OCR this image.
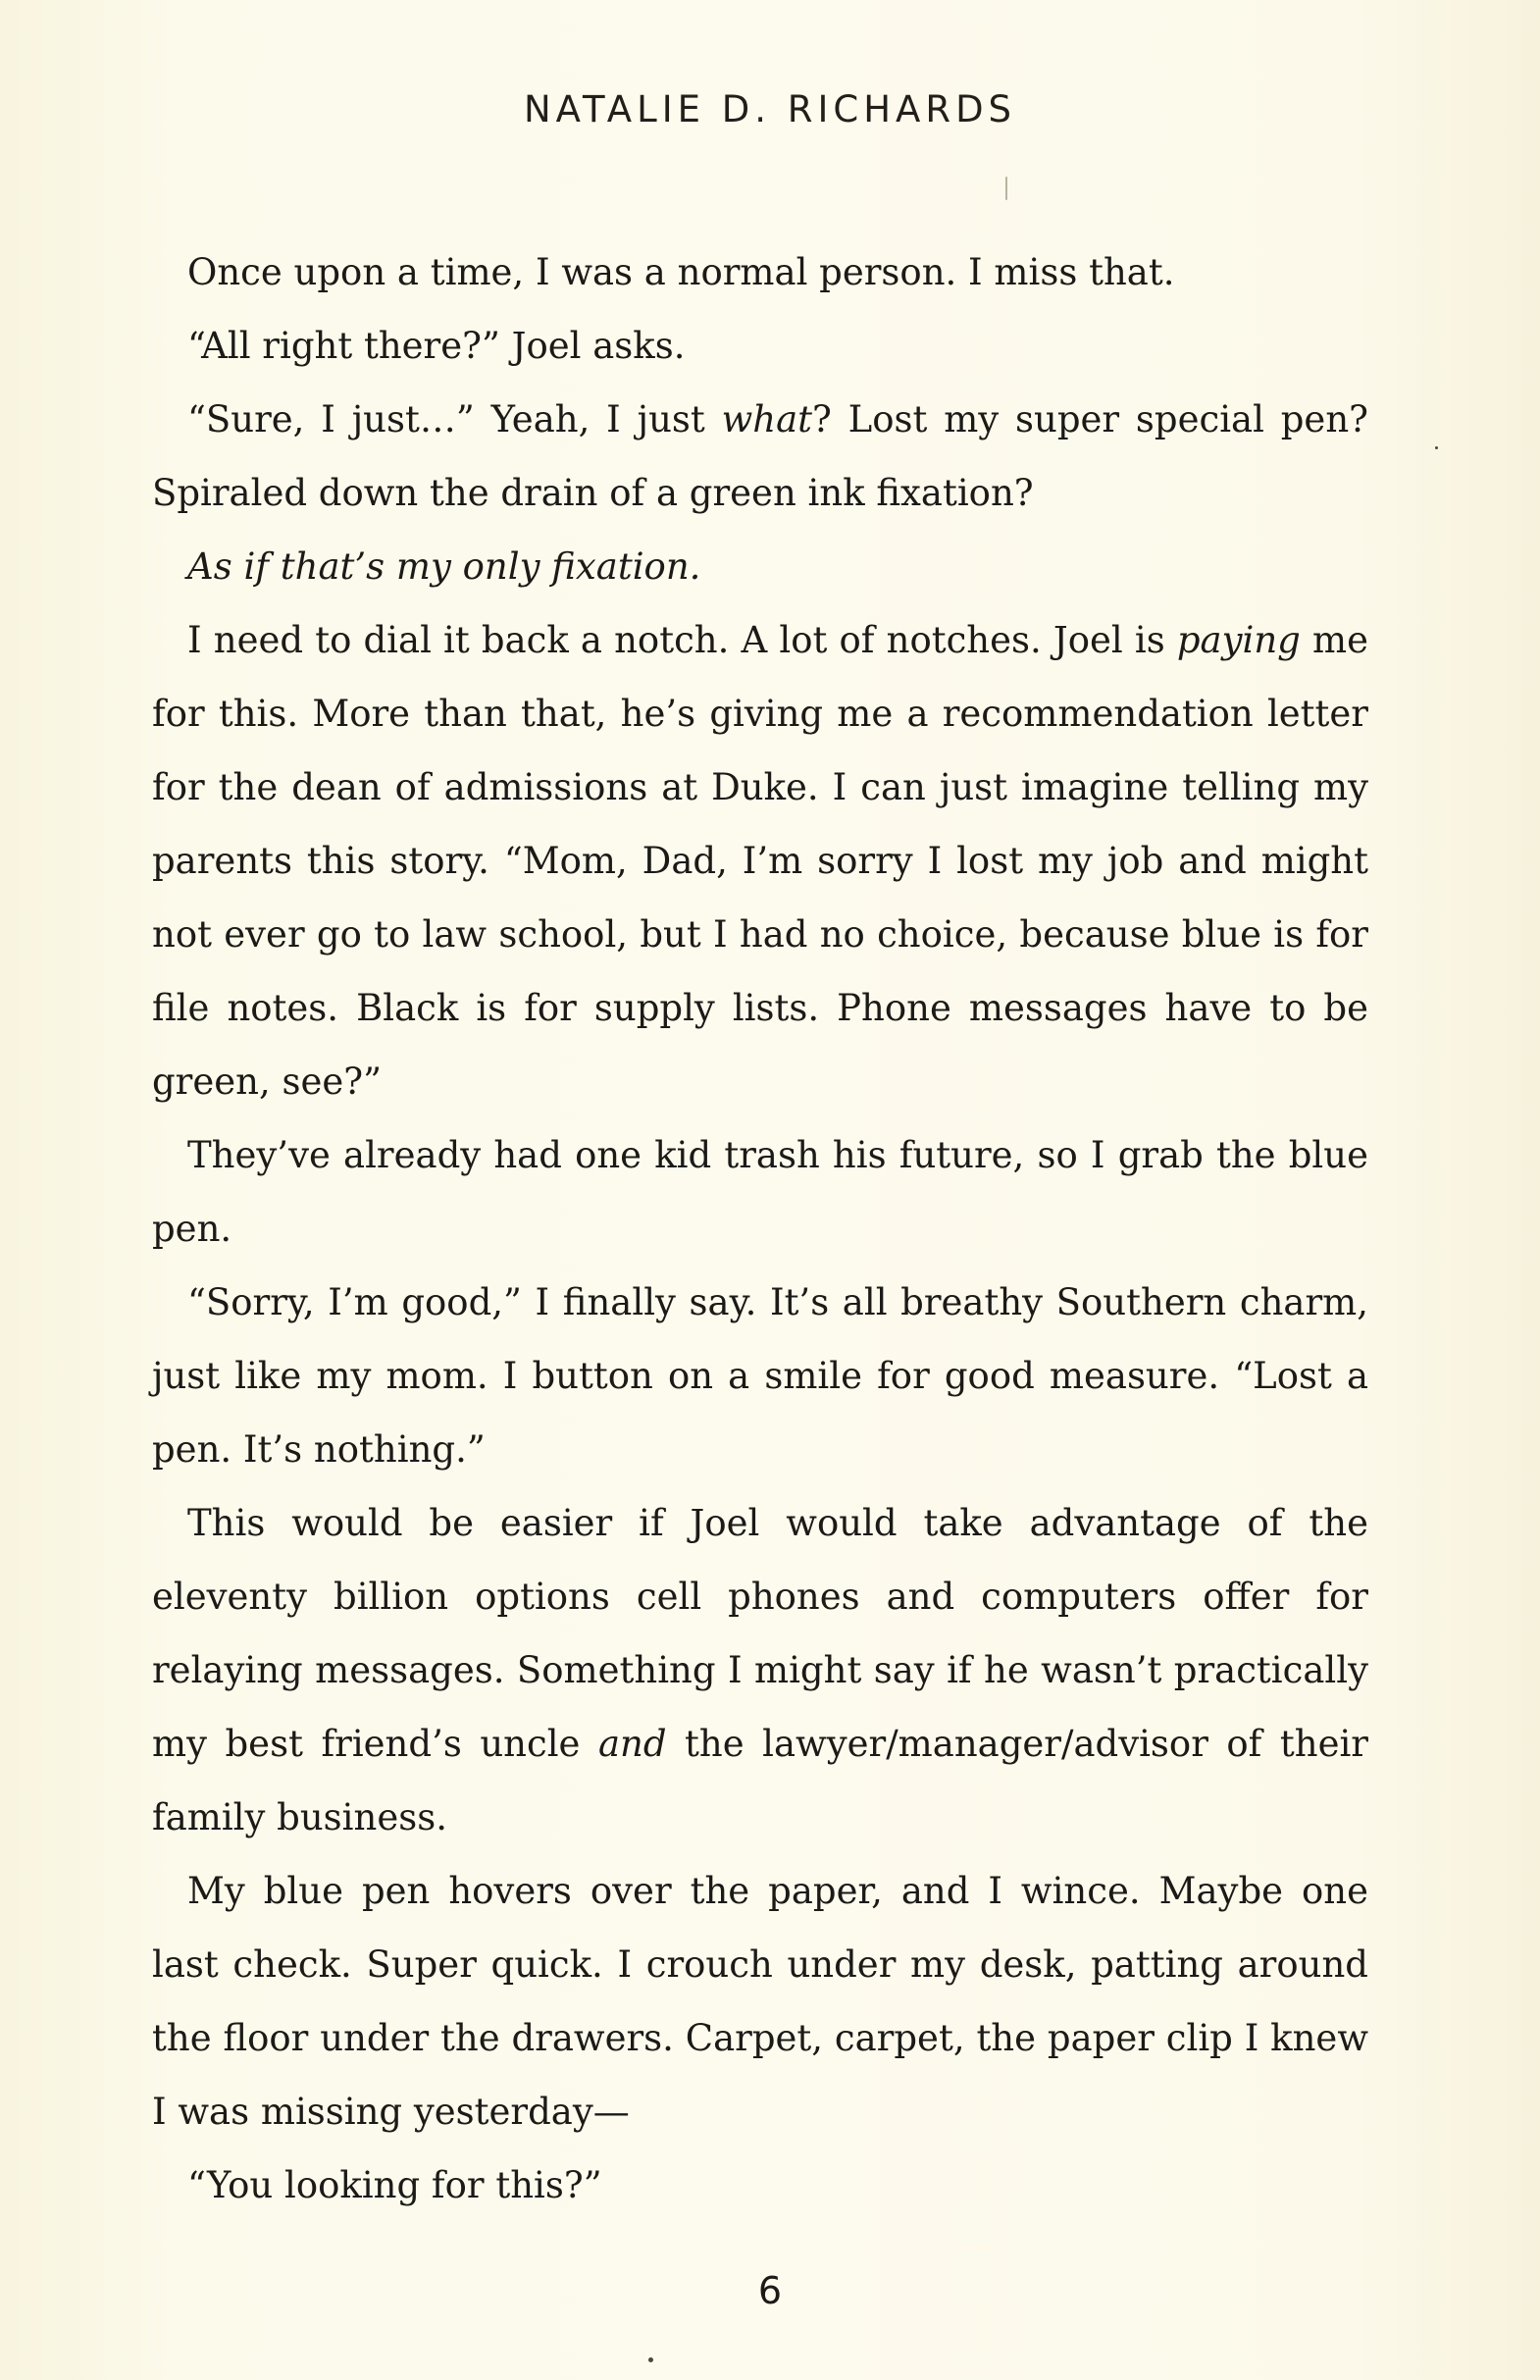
NATALIE D. RICHARDS

Once upon a time, I was a normal person. I miss that.

“All right there?” Joel asks.

“Sure, I just…” Yeah, I just what? Lost my super special pen? Spiraled down the drain of a green ink fixation?

As if that’s my only fixation.

I need to dial it back a notch. A lot of notches. Joel is paying me for this. More than that, he’s giving me a recommendation letter for the dean of admissions at Duke. I can just imagine telling my parents this story. “Mom, Dad, I’m sorry I lost my job and might not ever go to law school, but I had no choice, because blue is for file notes. Black is for supply lists. Phone messages have to be green, see?”

They’ve already had one kid trash his future, so I grab the blue pen.

“Sorry, I’m good,” I finally say. It’s all breathy Southern charm, just like my mom. I button on a smile for good measure. “Lost a pen. It’s nothing.”

This would be easier if Joel would take advantage of the eleventy billion options cell phones and computers offer for relaying messages. Something I might say if he wasn’t practically my best friend’s uncle and the lawyer/manager/advisor of their family business.

My blue pen hovers over the paper, and I wince. Maybe one last check. Super quick. I crouch under my desk, patting around the floor under the drawers. Carpet, carpet, the paper clip I knew I was missing yesterday—

“You looking for this?”

6
